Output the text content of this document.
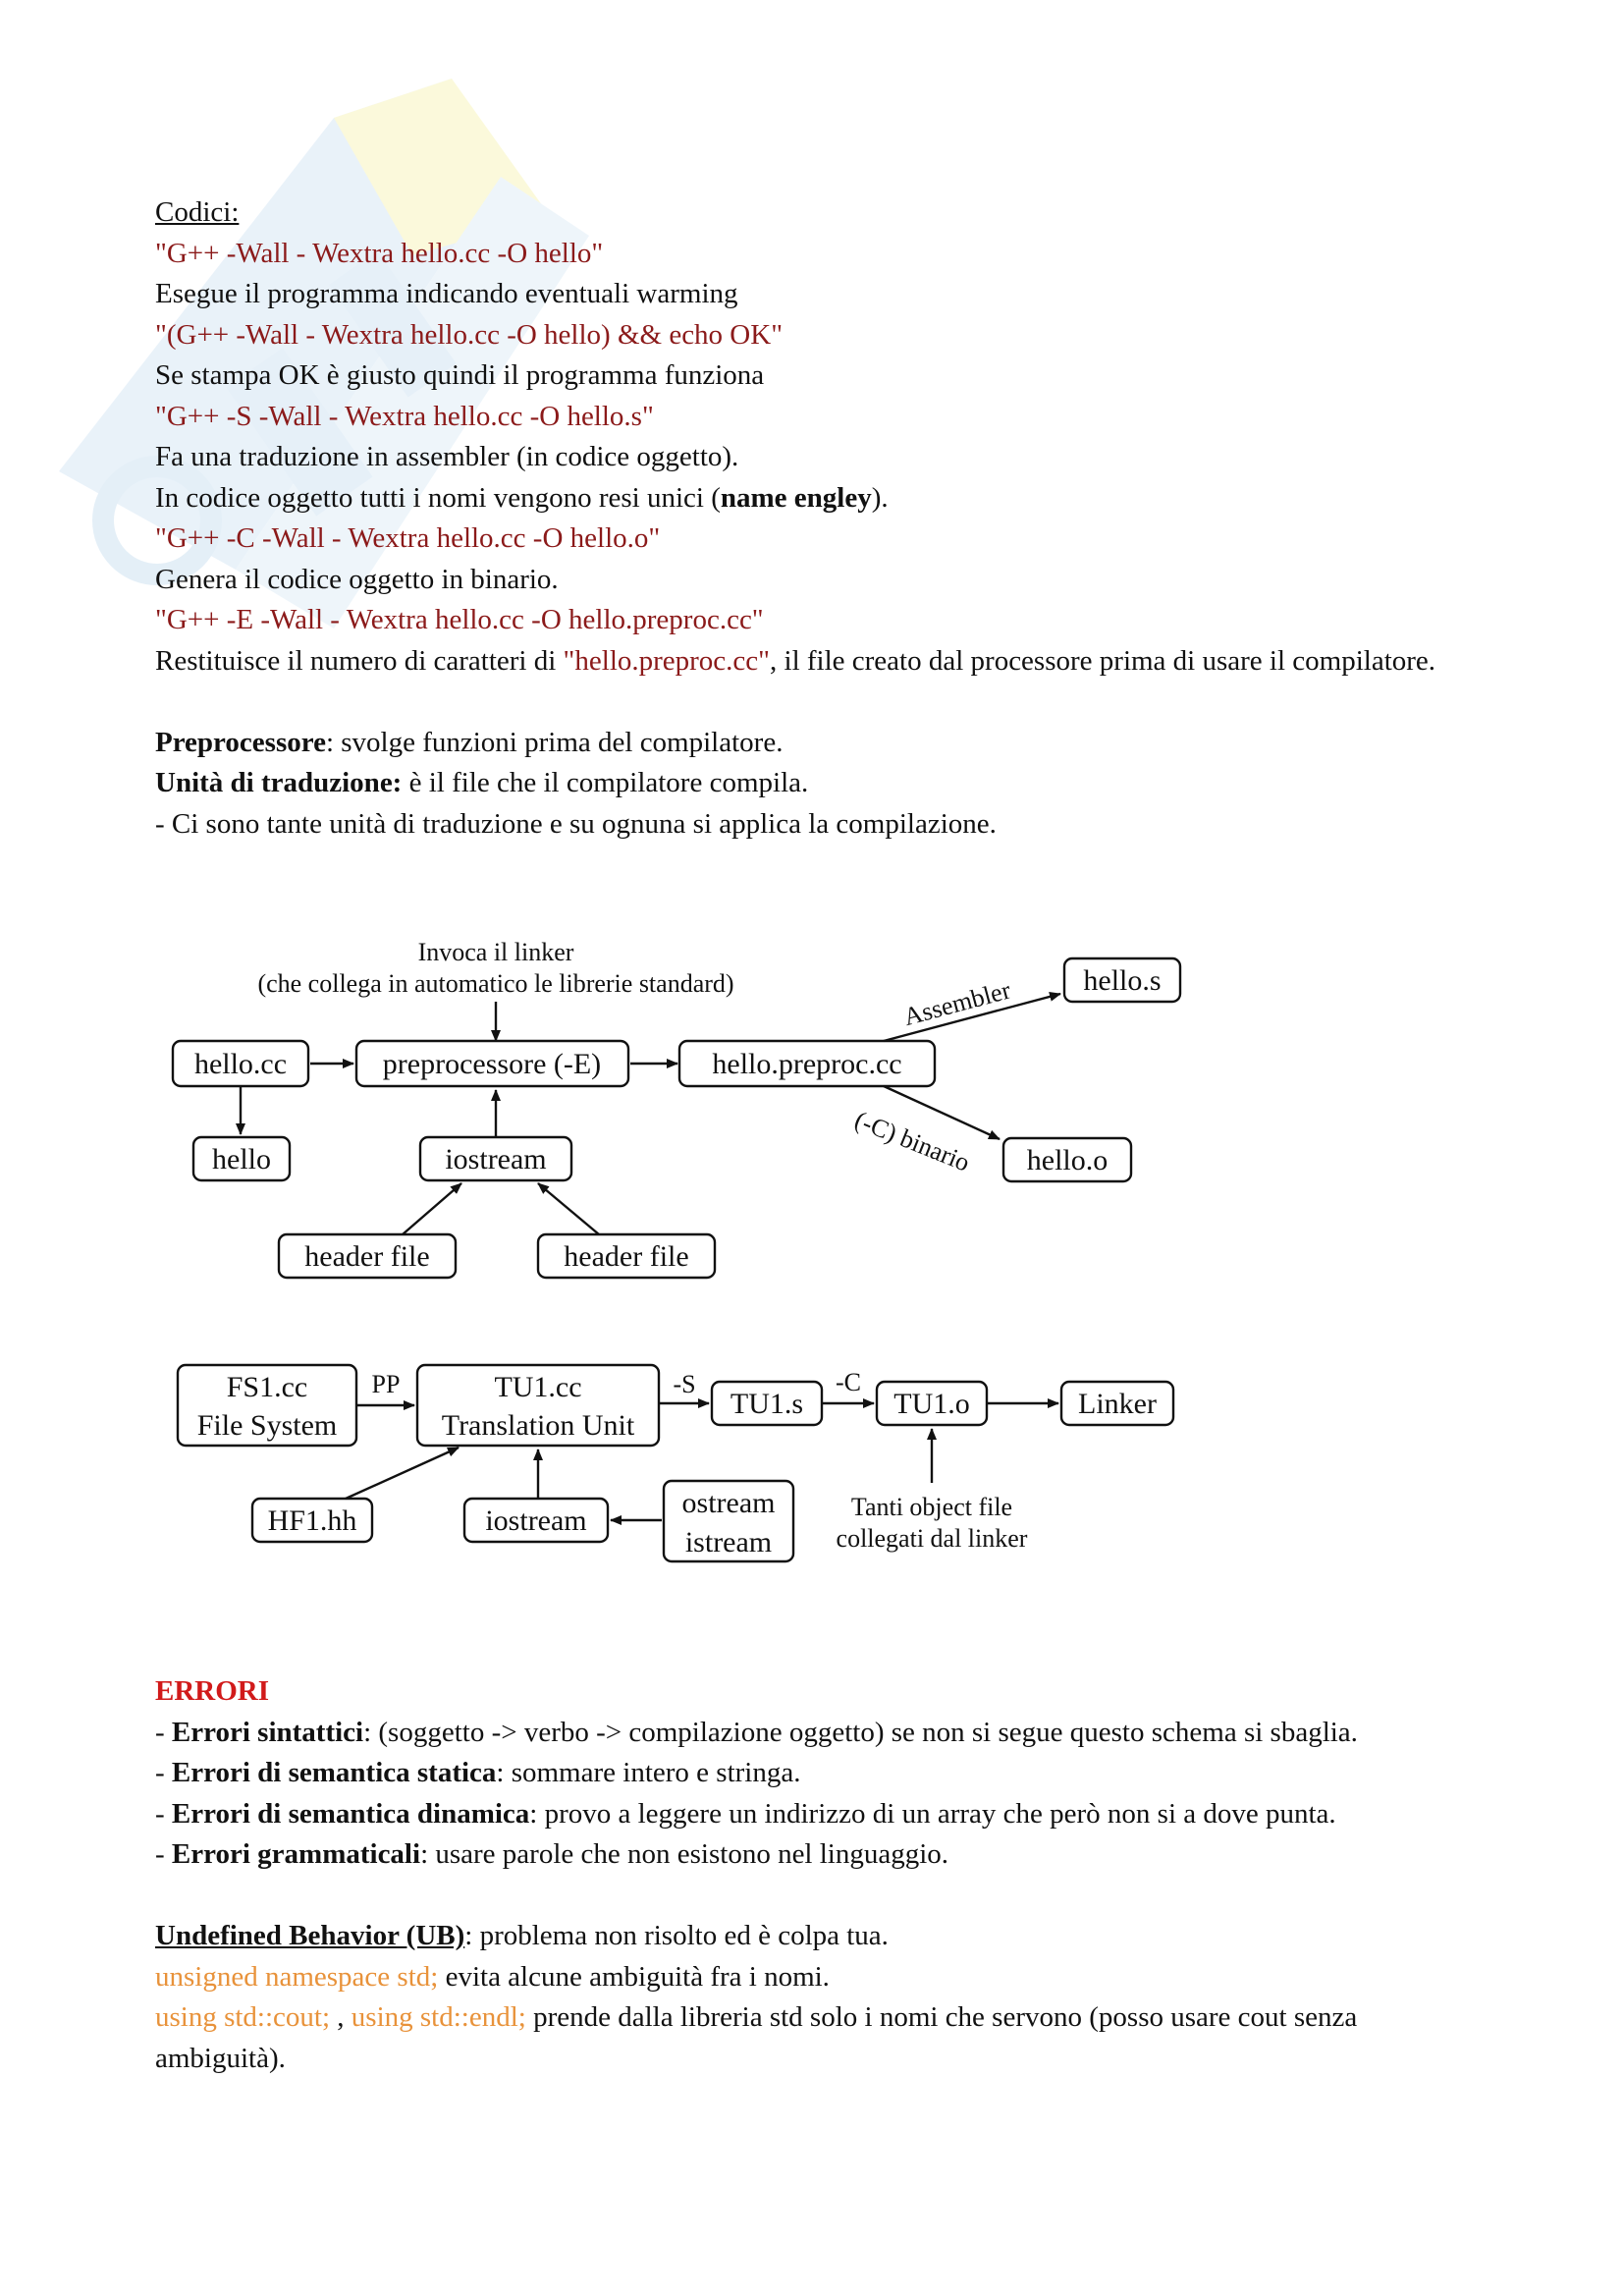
Codici:
"G++ -Wall - Wextra hello.cc -O hello"
Esegue il programma indicando eventuali warming
"(G++ -Wall - Wextra hello.cc -O hello) && echo OK"
Se stampa OK è giusto quindi il programma funziona
"G++ -S -Wall - Wextra hello.cc -O hello.s"
Fa una traduzione in assembler (in codice oggetto).
In codice oggetto tutti i nomi vengono resi unici (name engley).
"G++ -C -Wall - Wextra hello.cc -O hello.o"
Genera il codice oggetto in binario.
"G++ -E -Wall - Wextra hello.cc -O hello.preproc.cc"
Restituisce il numero di caratteri di "hello.preproc.cc", il file creato dal processore prima di usare il compilatore.
Preprocessore: svolge funzioni prima del compilatore.
Unità di traduzione: è il file che il compilatore compila.
- Ci sono tante unità di traduzione e su ognuna si applica la compilazione.
Invoca il linker
(che collega in automatico le librerie standard)
hello.cc	preprocessore (-E)	hello.preproc.cc
Assembler hello.s
(-C) binario hello.o
hello	iostream
header file	header file
FS1.cc
File System
PP	TU1.cc
Translation Unit
-S
TU1.s
-C
TU1.o	Linker
Tanti object file
collegati dal linker
HF1.hh	iostream
ostream
istream
ERRORI
- Errori sintattici: (soggetto -> verbo -> compilazione oggetto) se non si segue questo schema si sbaglia.
- Errori di semantica statica: sommare intero e stringa.
- Errori di semantica dinamica: provo a leggere un indirizzo di un array che però non si a dove punta.
- Errori grammaticali: usare parole che non esistono nel linguaggio.
Undefined Behavior (UB): problema non risolto ed è colpa tua.
unsigned namespace std; evita alcune ambiguità fra i nomi.
using std::cout; , using std::endl; prende dalla libreria std solo i nomi che servono (posso usare cout senza ambiguità).
